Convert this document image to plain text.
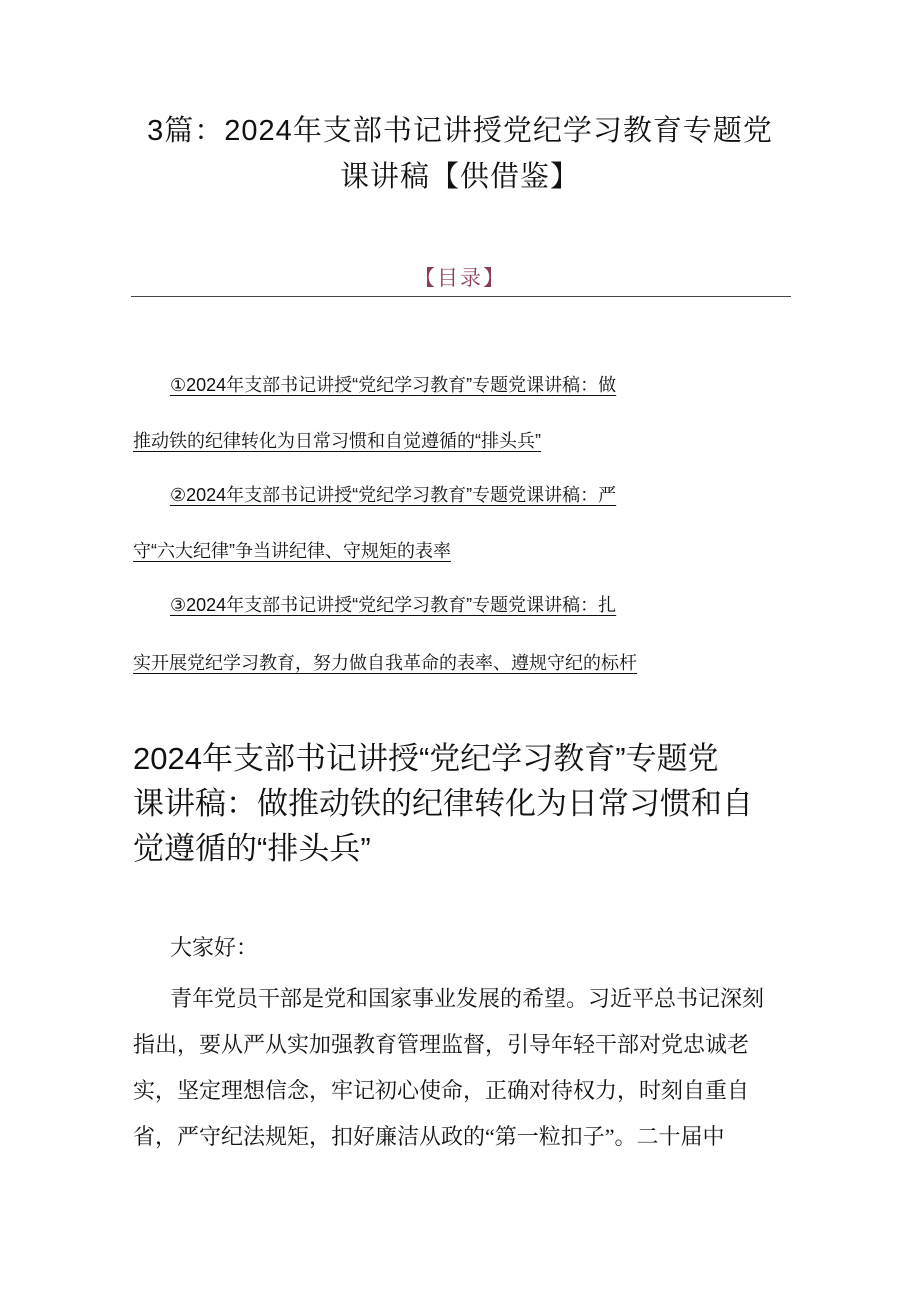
3篇：2024年支部书记讲授党纪学习教育专题党
课讲稿【供借鉴】
【目录】
①2024年支部书记讲授“党纪学习教育”专题党课讲稿：做
推动铁的纪律转化为日常习惯和自觉遵循的“排头兵”
②2024年支部书记讲授“党纪学习教育”专题党课讲稿：严
守“六大纪律”争当讲纪律、守规矩的表率
③2024年支部书记讲授“党纪学习教育”专题党课讲稿：扎
实开展党纪学习教育，努力做自我革命的表率、遵规守纪的标杆
2024年支部书记讲授“党纪学习教育”专题党
课讲稿：做推动铁的纪律转化为日常习惯和自
觉遵循的“排头兵”
大家好：
青年党员干部是党和国家事业发展的希望。习近平总书记深刻
指出，要从严从实加强教育管理监督，引导年轻干部对党忠诚老
实，坚定理想信念，牢记初心使命，正确对待权力，时刻自重自
省，严守纪法规矩，扣好廉洁从政的“第一粒扣子”。二十届中
